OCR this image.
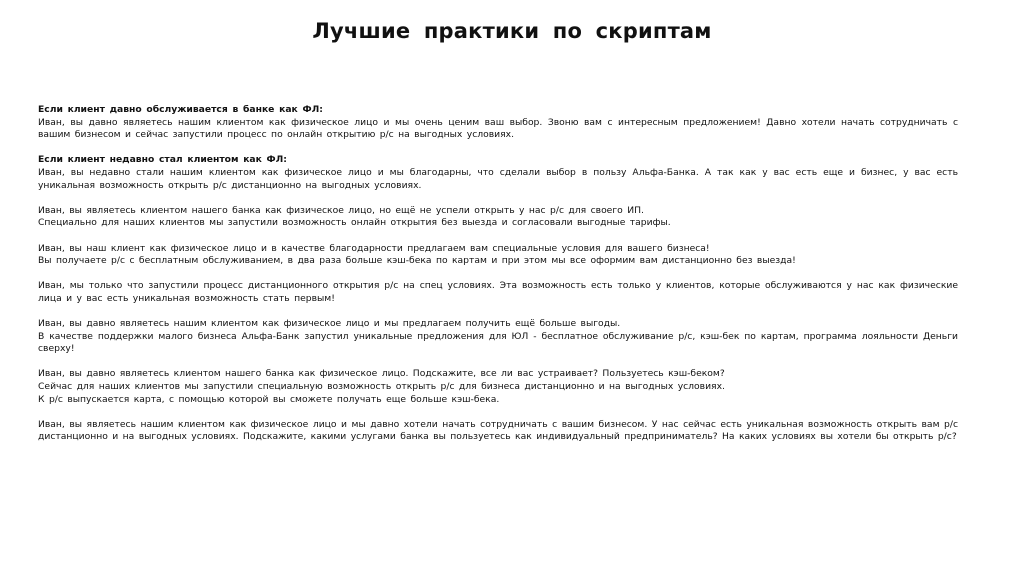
Лучшие практики по скриптам

Если клиент давно обслуживается в банке как ФЛ:

Иван, вы давно являетесь нашим клиентом как физическое лицо и мы очень ценим ваш выбор. Звоню вам с интересным предложением! Давно хотели начать сотрудничать с вашим бизнесом и сейчас запустили процесс по онлайн открытию р/с на выгодных условиях.

Если клиент недавно стал клиентом как ФЛ:

Иван, вы недавно стали нашим клиентом как физическое лицо и мы благодарны, что сделали выбор в пользу Альфа-Банка. А так как у вас есть еще и бизнес, у вас есть уникальная возможность открыть р/с дистанционно на выгодных условиях.

Иван, вы являетесь клиентом нашего банка как физическое лицо, но ещё не успели открыть у нас р/с для своего ИП.

Специально для наших клиентов мы запустили возможность онлайн открытия без выезда и согласовали выгодные тарифы.

Иван, вы наш клиент как физическое лицо и в качестве благодарности предлагаем вам специальные условия для вашего бизнеса!

Вы получаете р/с с бесплатным обслуживанием, в два раза больше кэш-бека по картам и при этом мы все оформим вам дистанционно без выезда!

Иван, мы только что запустили процесс дистанционного открытия р/с на спец условиях. Эта возможность есть только у клиентов, которые обслуживаются у нас как физические лица и у вас есть уникальная возможность стать первым!

Иван, вы давно являетесь нашим клиентом как физическое лицо и мы предлагаем получить ещё больше выгоды.

В качестве поддержки малого бизнеса Альфа-Банк запустил уникальные предложения для ЮЛ - бесплатное обслуживание р/с, кэш-бек по картам, программа лояльности Деньги сверху!

Иван, вы давно являетесь клиентом нашего банка как физическое лицо. Подскажите, все ли вас устраивает? Пользуетесь кэш-беком?

Сейчас для наших клиентов мы запустили специальную возможность открыть р/с для бизнеса дистанционно и на выгодных условиях.

К р/с выпускается карта, с помощью которой вы сможете получать еще больше кэш-бека.

Иван, вы являетесь нашим клиентом как физическое лицо и мы давно хотели начать сотрудничать с вашим бизнесом. У нас сейчас есть уникальная возможность открыть вам р/с дистанционно и на выгодных условиях. Подскажите, какими услугами банка вы пользуетесь как индивидуальный предприниматель? На каких условиях вы хотели бы открыть р/с?
